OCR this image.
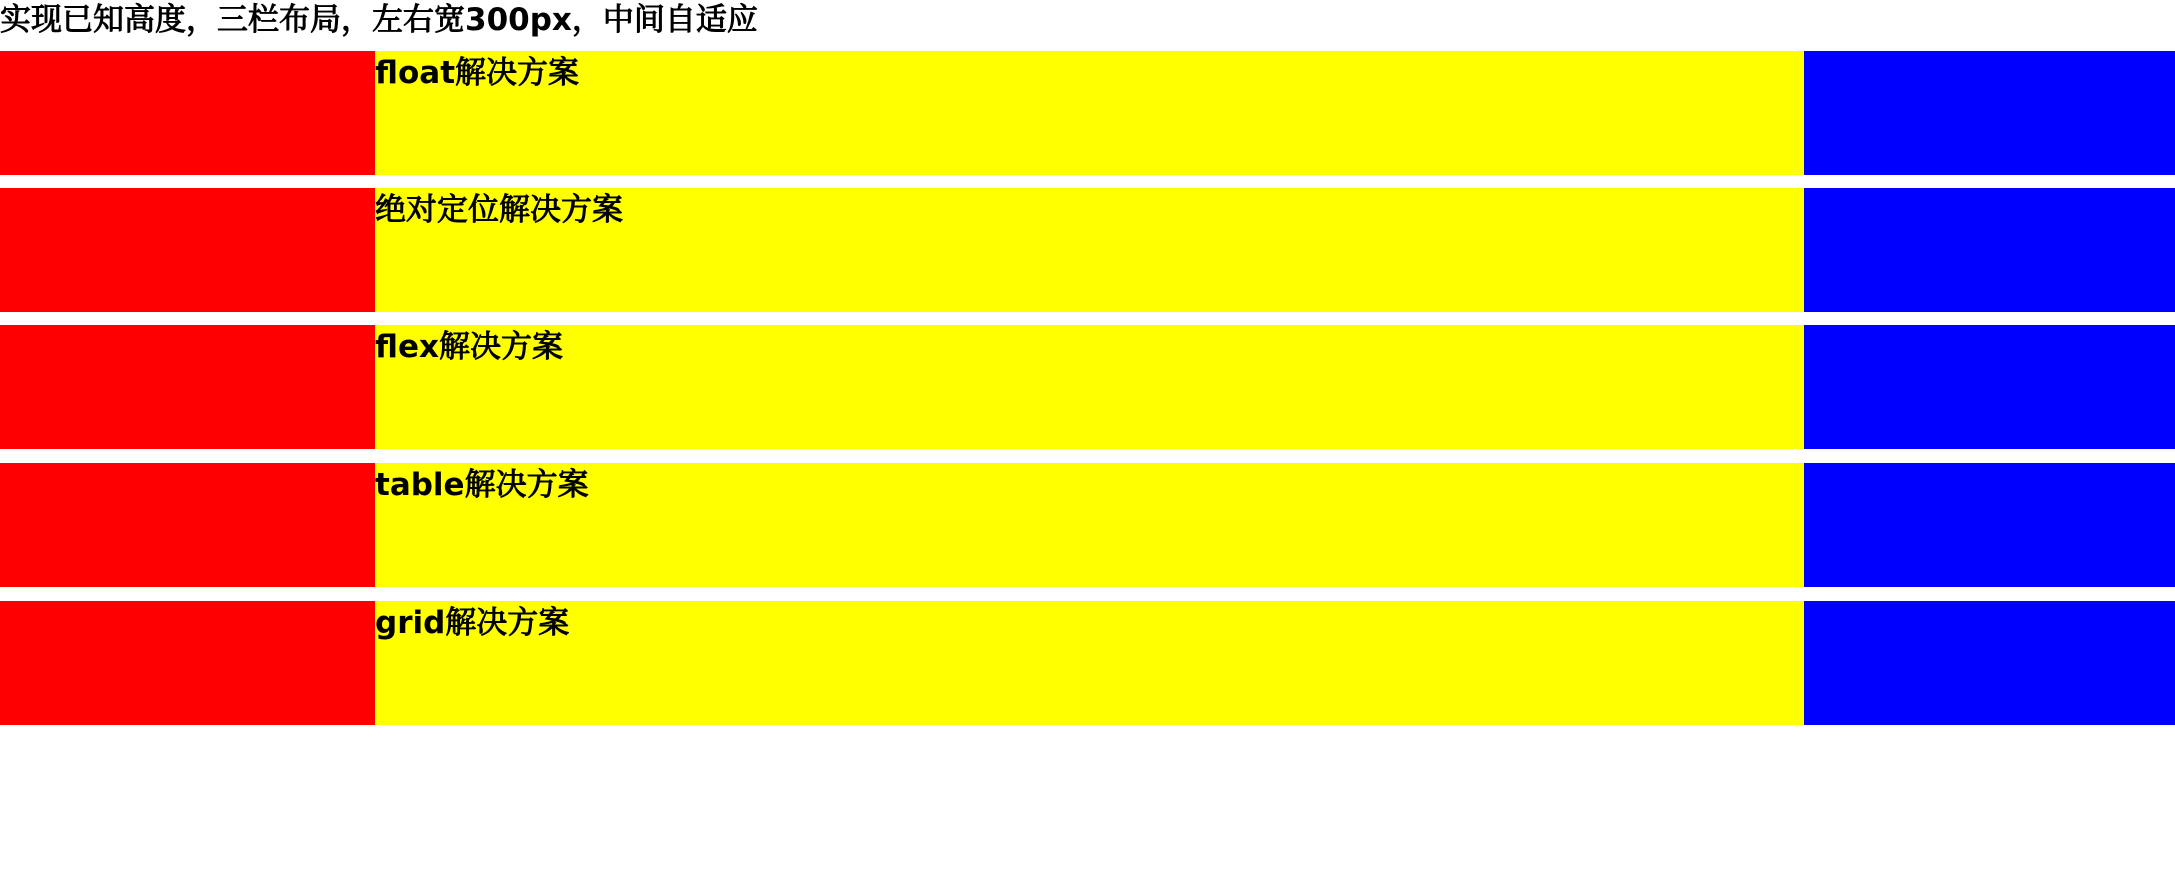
实现已知高度，三栏布局，左右宽300px，中间自适应
float解决方案
绝对定位解决方案
flex解决方案
table解决方案
grid解决方案
